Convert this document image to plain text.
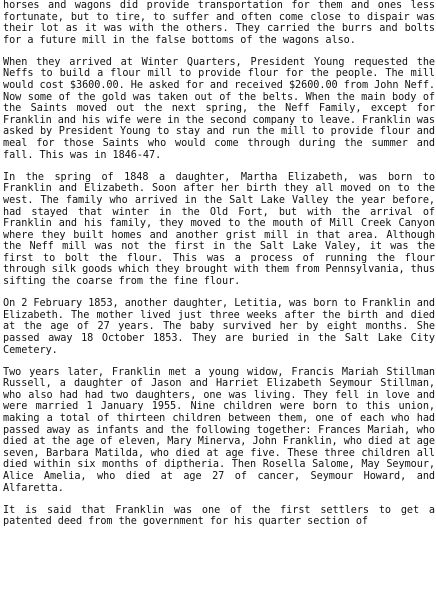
horses and wagons did provide transportation for them and ones less fortunate, but to tire, to suffer and often come close to dispair was their lot as it was with the others. They carried the burrs and bolts for a future mill in the false bottoms of the wagons also.

When they arrived at Winter Quarters, President Young requested the Neffs to build a flour mill to provide flour for the people. The mill would cost $3600.00. He asked for and received $2600.00 from John Neff. Now some of the gold was taken out of the belts. When the main body of the Saints moved out the next spring, the Neff Family, except for Franklin and his wife were in the second company to leave. Franklin was asked by President Young to stay and run the mill to provide flour and meal for those Saints who would come through during the summer and fall. This was in 1846-47.

In the spring of 1848 a daughter, Martha Elizabeth, was born to Franklin and Elizabeth. Soon after her birth they all moved on to the west. The family who arrived in the Salt Lake Valley the year before, had stayed that winter in the Old Fort, but with the arrival of Franklin and his family, they moved to the mouth of Mill Creek Canyon where they built homes and another grist mill in that area. Although the Neff mill was not the first in the Salt Lake Valey, it was the first to bolt the flour. This was a process of running the flour through silk goods which they brought with them from Pennsylvania, thus sifting the coarse from the fine flour.

On 2 February 1853, another daughter, Letitia, was born to Franklin and Elizabeth. The mother lived just three weeks after the birth and died at the age of 27 years. The baby survived her by eight months. She passed away 18 October 1853. They are buried in the Salt Lake City Cemetery.

Two years later, Franklin met a young widow, Francis Mariah Stillman Russell, a daughter of Jason and Harriet Elizabeth Seymour Stillman, who also had had two daughters, one was living. They fell in love and were married 1 January 1955. Nine children were born to this union, making a total of thirteen children between them, one of each who had passed away as infants and the following together: Frances Mariah, who died at the age of eleven, Mary Minerva, John Franklin, who died at age seven, Barbara Matilda, who died at age five. These three children all died within six months of diptheria. Then Rosella Salome, May Seymour, Alice Amelia, who died at age 27 of cancer, Seymour Howard, and Alfaretta.

It is said that Franklin was one of the first settlers to get a patented deed from the government for his quarter section of
